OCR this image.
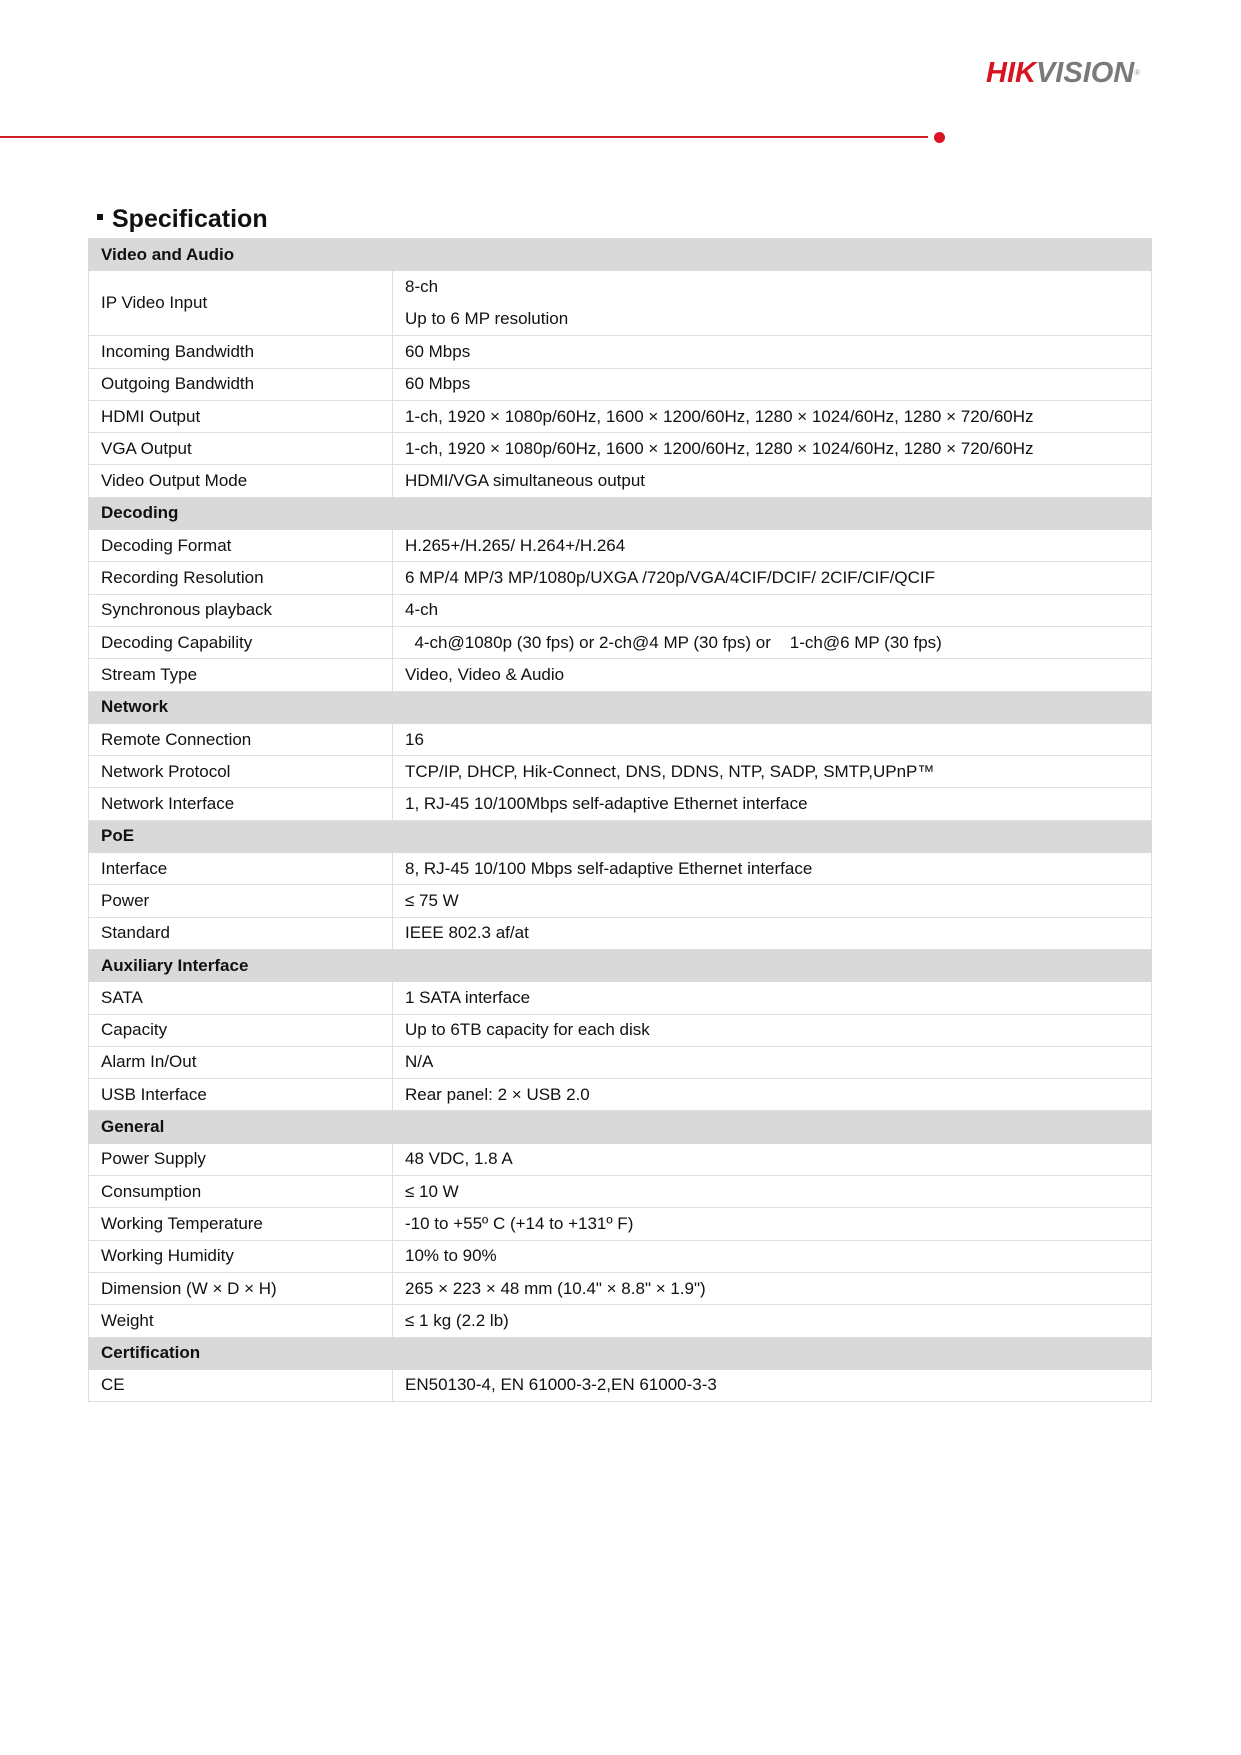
HIKVISION®
Specification
Video and Audio	
IP Video Input	8-ch
Up to 6 MP resolution

Incoming Bandwidth	60 Mbps
Outgoing Bandwidth	60 Mbps
HDMI Output	1-ch, 1920 × 1080p/60Hz, 1600 × 1200/60Hz, 1280 × 1024/60Hz, 1280 × 720/60Hz
VGA Output	1-ch, 1920 × 1080p/60Hz, 1600 × 1200/60Hz, 1280 × 1024/60Hz, 1280 × 720/60Hz
Video Output Mode	HDMI/VGA simultaneous output
Decoding	
Decoding Format	H.265+/H.265/ H.264+/H.264
Recording Resolution	6 MP/4 MP/3 MP/1080p/UXGA /720p/VGA/4CIF/DCIF/ 2CIF/CIF/QCIF
Synchronous playback	4-ch
Decoding Capability	4-ch@1080p (30 fps) or 2-ch@4 MP (30 fps) or    1-ch@6 MP (30 fps)
Stream Type	Video, Video & Audio
Network	
Remote Connection	16
Network Protocol	TCP/IP, DHCP, Hik-Connect, DNS, DDNS, NTP, SADP, SMTP,UPnP™
Network Interface	1, RJ-45 10/100Mbps self-adaptive Ethernet interface
PoE	
Interface	8, RJ-45 10/100 Mbps self-adaptive Ethernet interface
Power	≤ 75 W
Standard	IEEE 802.3 af/at
Auxiliary Interface	
SATA	1 SATA interface
Capacity	Up to 6TB capacity for each disk
Alarm In/Out	N/A
USB Interface	Rear panel: 2 × USB 2.0
General	
Power Supply	48 VDC, 1.8 A
Consumption	≤ 10 W
Working Temperature	-10 to +55º C (+14 to +131º F)
Working Humidity	10% to 90%
Dimension (W × D × H)	265 × 223 × 48 mm (10.4" × 8.8" × 1.9")
Weight	≤ 1 kg (2.2 lb)
Certification	
CE	EN50130-4, EN 61000-3-2,EN 61000-3-3
